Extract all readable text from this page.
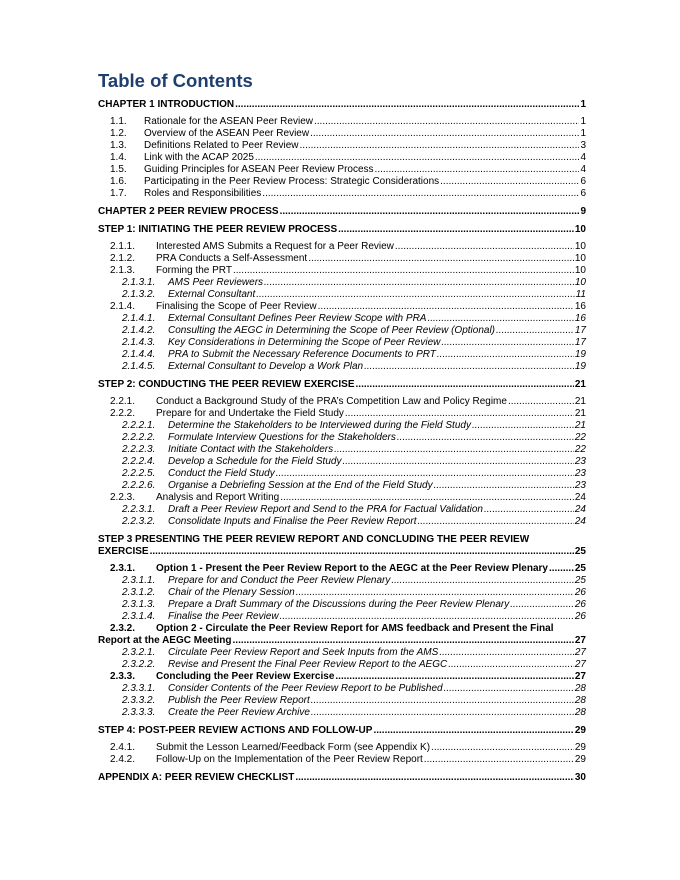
Table of Contents
CHAPTER 1 INTRODUCTION .....	1
1.1.	Rationale for the ASEAN Peer Review .....	1
1.2.	Overview of the ASEAN Peer Review .....	1
1.3.	Definitions Related to Peer Review .....	3
1.4.	Link with the ACAP 2025 .....	4
1.5.	Guiding Principles for ASEAN Peer Review Process .....	4
1.6.	Participating in the Peer Review Process: Strategic Considerations .....	6
1.7.	Roles and Responsibilities .....	6
CHAPTER 2 PEER REVIEW PROCESS .....	9
STEP 1: INITIATING THE PEER REVIEW PROCESS .....	10
2.1.1.	Interested AMS Submits a Request for a Peer Review .....	10
2.1.2.	PRA Conducts a Self-Assessment .....	10
2.1.3.	Forming the PRT .....	10
2.1.3.1.	AMS Peer Reviewers .....	10
2.1.3.2.	External Consultant .....	11
2.1.4.	Finalising the Scope of Peer Review .....	16
2.1.4.1.	External Consultant Defines Peer Review Scope with PRA .....	16
2.1.4.2.	Consulting the AEGC in Determining the Scope of Peer Review (Optional) .....	17
2.1.4.3.	Key Considerations in Determining the Scope of Peer Review .....	17
2.1.4.4.	PRA to Submit the Necessary Reference Documents to PRT .....	19
2.1.4.5.	External Consultant to Develop a Work Plan .....	19
STEP 2: CONDUCTING THE PEER REVIEW EXERCISE .....	21
2.2.1.	Conduct a Background Study of the PRA’s Competition Law and Policy Regime .....	21
2.2.2.	Prepare for and Undertake the Field Study .....	21
2.2.2.1.	Determine the Stakeholders to be Interviewed during the Field Study .....	21
2.2.2.2.	Formulate Interview Questions for the Stakeholders .....	22
2.2.2.3.	Initiate Contact with the Stakeholders .....	22
2.2.2.4.	Develop a Schedule for the Field Study .....	23
2.2.2.5.	Conduct the Field Study .....	23
2.2.2.6.	Organise a Debriefing Session at the End of the Field Study .....	23
2.2.3.	Analysis and Report Writing .....	24
2.2.3.1.	Draft a Peer Review Report and Send to the PRA for Factual Validation .....	24
2.2.3.2.	Consolidate Inputs and Finalise the Peer Review Report .....	24
STEP 3 PRESENTING THE PEER REVIEW REPORT AND CONCLUDING THE PEER REVIEW
EXERCISE .....	25
2.3.1.	Option 1 - Present the Peer Review Report to the AEGC at the Peer Review Plenary .....	25
2.3.1.1.	Prepare for and Conduct the Peer Review Plenary .....	25
2.3.1.2.	Chair of the Plenary Session .....	26
2.3.1.3.	Prepare a Draft Summary of the Discussions during the Peer Review Plenary .....	26
2.3.1.4.	Finalise the Peer Review .....	26
2.3.2. Option 2 - Circulate the Peer Review Report for AMS feedback and Present the Final
Report at the AEGC Meeting .....	27
2.3.2.1.	Circulate Peer Review Report and Seek Inputs from the AMS .....	27
2.3.2.2.	Revise and Present the Final Peer Review Report to the AEGC .....	27
2.3.3.	Concluding the Peer Review Exercise .....	27
2.3.3.1.	Consider Contents of the Peer Review Report to be Published .....	28
2.3.3.2.	Publish the Peer Review Report .....	28
2.3.3.3.	Create the Peer Review Archive .....	28
STEP 4: POST-PEER REVIEW ACTIONS AND FOLLOW-UP .....	29
2.4.1.	Submit the Lesson Learned/Feedback Form (see Appendix K) .....	29
2.4.2.	Follow-Up on the Implementation of the Peer Review Report .....	29
APPENDIX A: PEER REVIEW CHECKLIST .....	30
